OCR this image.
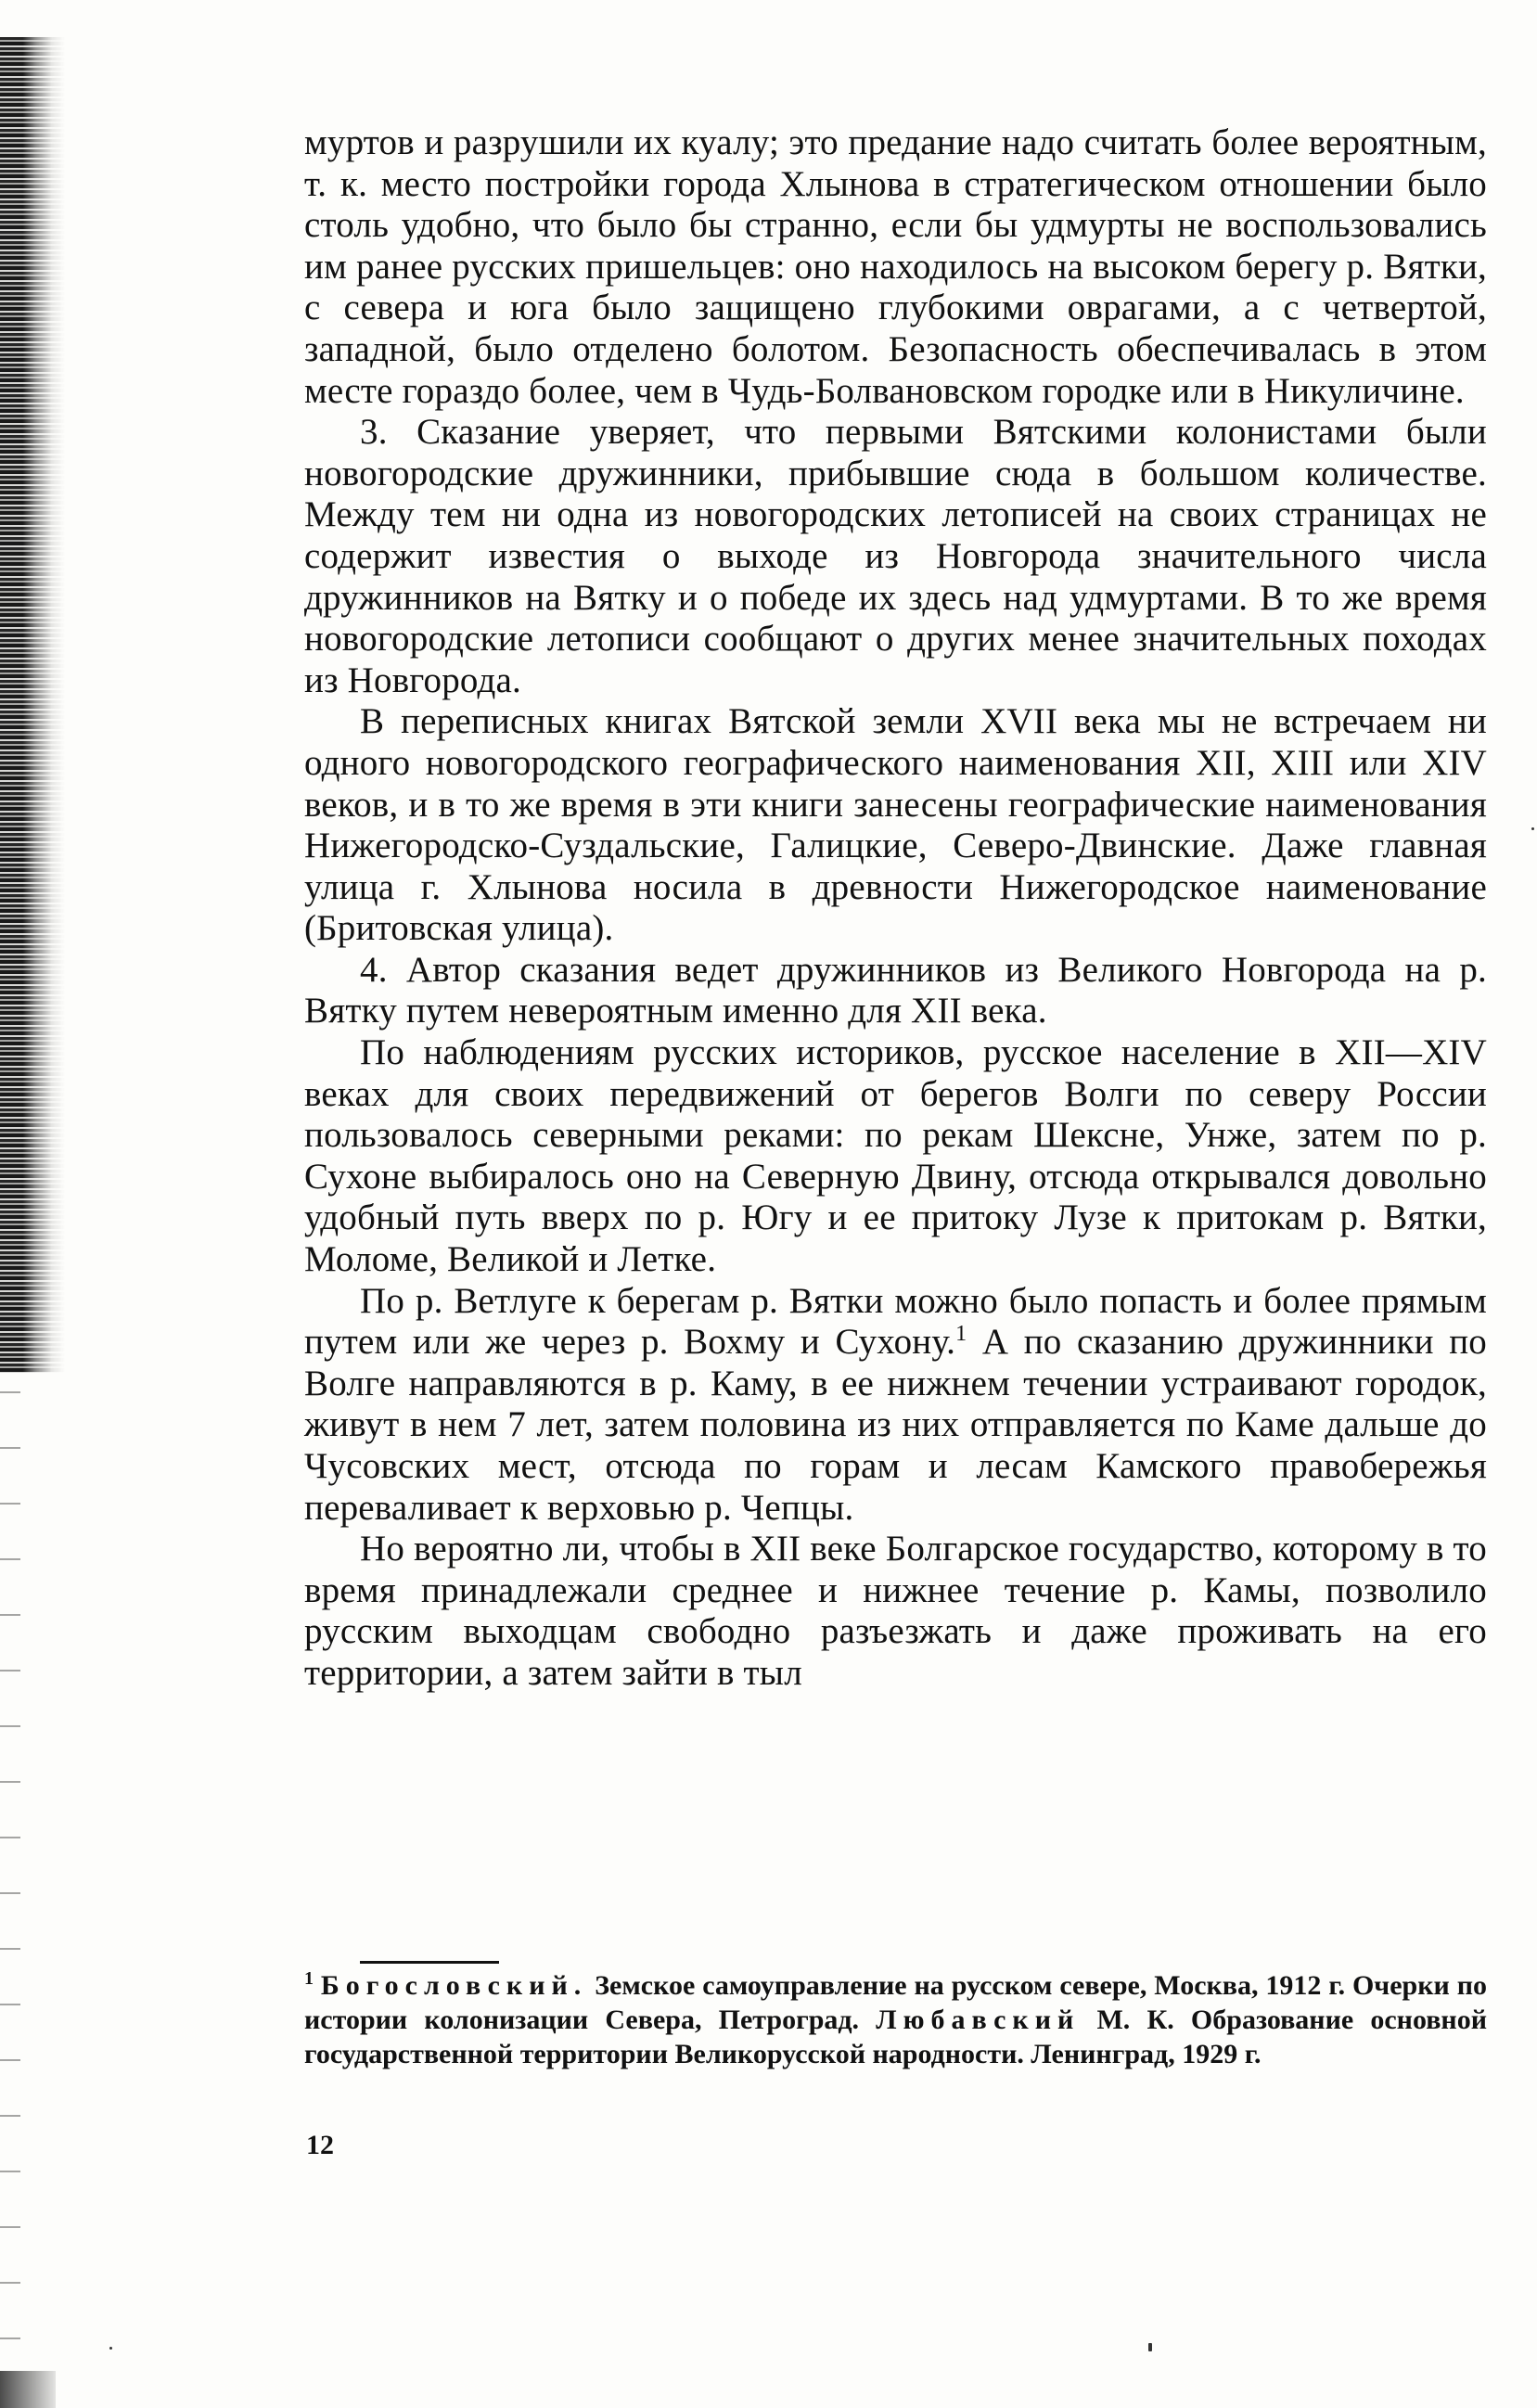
муртов и разрушили их куалу; это предание надо считать более вероятным, т. к. место постройки города Хлынова в стратегическом отношении было столь удобно, что было бы странно, если бы удмурты не воспользовались им ранее русских пришельцев: оно находилось на высоком берегу р. Вятки, с севера и юга было защищено глубокими оврагами, а с четвертой, западной, было отделено болотом. Безопасность обеспечивалась в этом месте гораздо более, чем в Чудь-Болвановском городке или в Никуличине.

3. Сказание уверяет, что первыми Вятскими колонистами были новогородские дружинники, прибывшие сюда в большом количестве. Между тем ни одна из новогородских летописей на своих страницах не содержит известия о выходе из Новгорода значительного числа дружинников на Вятку и о победе их здесь над удмуртами. В то же время новогородские летописи сообщают о других менее значительных походах из Новгорода.

В переписных книгах Вятской земли XVII века мы не встречаем ни одного новогородского географического наименования XII, XIII или XIV веков, и в то же время в эти книги занесены географические наименования Нижегородско-Суздальские, Галицкие, Северо-Двинские. Даже главная улица г. Хлынова носила в древности Нижегородское наименование (Бритовская улица).

4. Автор сказания ведет дружинников из Великого Новгорода на р. Вятку путем невероятным именно для XII века.

По наблюдениям русских историков, русское население в XII—XIV веках для своих передвижений от берегов Волги по северу России пользовалось северными реками: по рекам Шексне, Унже, затем по р. Сухоне выбиралось оно на Северную Двину, отсюда открывался довольно удобный путь вверх по р. Югу и ее притоку Лузе к притокам р. Вятки, Моломе, Великой и Летке.

По р. Ветлуге к берегам р. Вятки можно было попасть и более прямым путем или же через р. Вохму и Сухону.$^1$ А по сказанию дружинники по Волге направляются в р. Каму, в ее нижнем течении устраивают городок, живут в нем 7 лет, затем половина из них отправляется по Каме дальше до Чусовских мест, отсюда по горам и лесам Камского правобережья переваливает к верховью р. Чепцы.

Но вероятно ли, чтобы в XII веке Болгарское государство, которому в то время принадлежали среднее и нижнее течение р. Камы, позволило русским выходцам свободно разъезжать и даже проживать на его территории, а затем зайти в тыл

$^1$ Богословский. Земское самоуправление на русском севере, Москва, 1912 г. Очерки по истории колонизации Севера, Петроград. Любавский М. К. Образование основной государственной территории Великорусской народности. Ленинград, 1929 г.

12
